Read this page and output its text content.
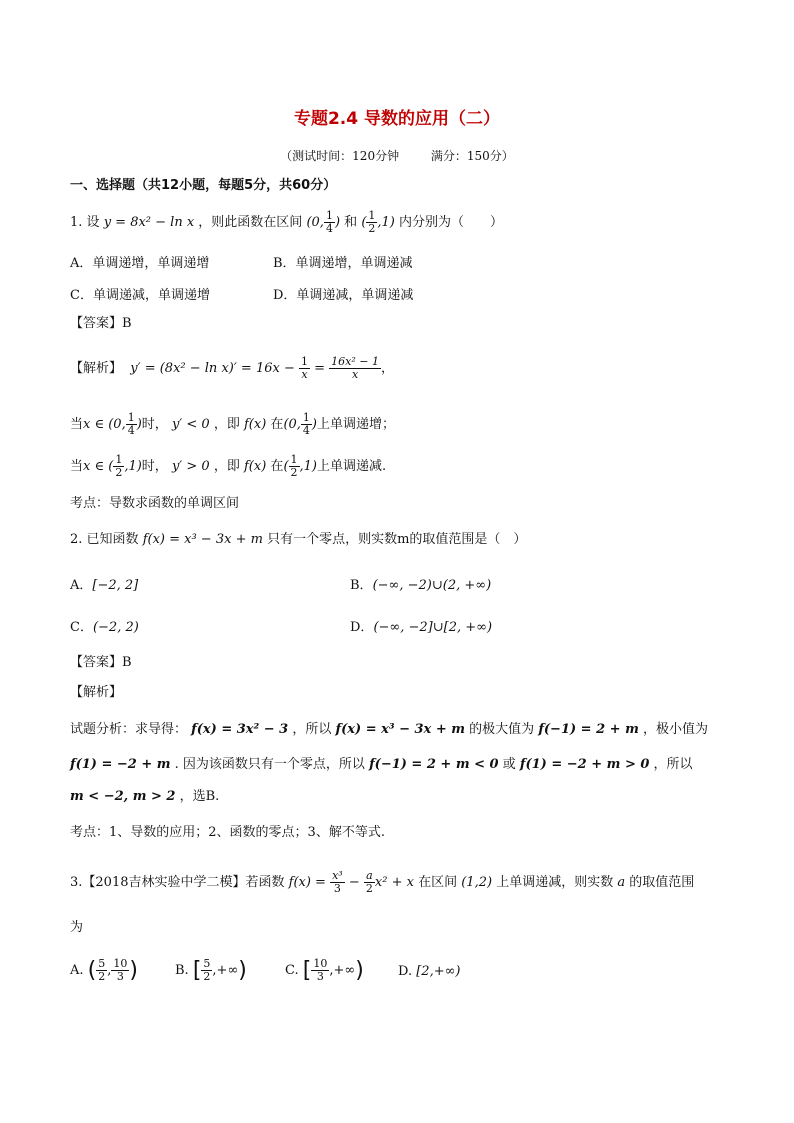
专题2.4 导数的应用（二）
（测试时间：120分钟	满分：150分）
一、选择题（共12小题，每题5分，共60分）
1. 设 y = 8x² − ln x ，则此函数在区间 (0, $\frac{1}{4}$ ) 和 ( $\frac{1}{2} ,1$) 内分别为（　　）
A．单调递增，单调递增	B．单调递增，单调递减
C．单调递减，单调递增	D．单调递减，单调递减
【答案】B
【解析】 $y' = (8x^2 - \ln x)' = 16x - \frac{1}{x} = \frac{\text{16x² − 1}}{x}$ ，
当x ∈ (0, $\frac{1}{4}$ )时， y′ < 0 ，即 f(x) 在(0, $\frac{1}{4}$ )上单调递增；
当x ∈ ( $\frac{1}{2} ,1$)时， y′ > 0 ，即 f(x) 在( $\frac{1}{2} ,1$)上单调递减.
考点：导数求函数的单调区间
2. 已知函数 f(x) = x³ − 3x + m 只有一个零点，则实数m的取值范围是（　）
A．[−2, 2]	B．(−∞, −2)∪(2, +∞)
C．(−2, 2)	D．(−∞, −2]∪[2, +∞)
【答案】B
【解析】
试题分析：求导得： f(x) = 3x² − 3 ，所以 f(x) = x³ − 3x + m 的极大值为 f(−1) = 2 + m ，极小值为
f(1) = −2 + m . 因为该函数只有一个零点，所以 f(−1) = 2 + m < 0 或 f(1) = −2 + m > 0 ，所以
m < −2, m > 2 ，选B.
考点：1、导数的应用；2、函数的零点；3、解不等式.
3.【2018吉林实验中学二模】若函数 $f(x) = \frac{\text{x³}}{3} - \frac{a}{2} x^2 + x$ 在区间 (1,2) 上单调递减，则实数 a 的取值范围
为
A. ( $\frac{5}{2}$ , $\frac{10}{3}$ )	B. [ $\frac{5}{2}$ ,+∞)	C. [ $\frac{10}{3}$ ,+∞)	D. [2,+∞)
